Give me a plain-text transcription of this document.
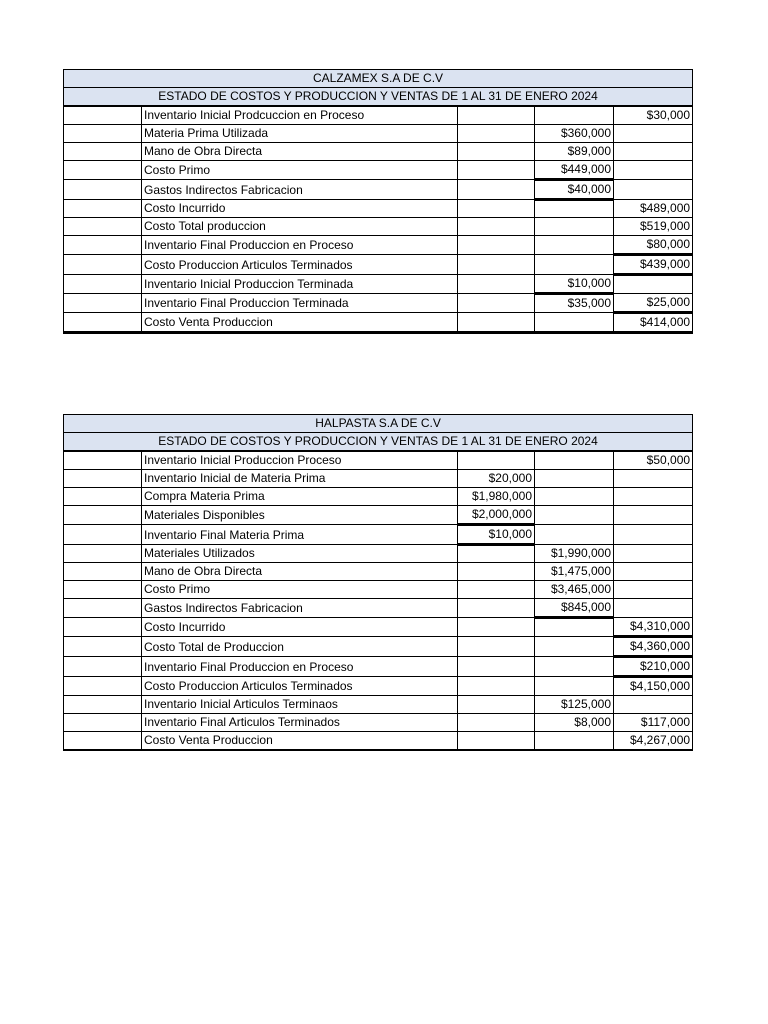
CALZAMEX S.A DE C.V				
ESTADO DE COSTOS Y PRODUCCION Y VENTAS DE 1 AL 31 DE ENERO 2024				

	Inventario Inicial Prodcuccion en Proceso			$30,000
	Materia Prima Utilizada		$360,000	
	Mano de Obra Directa		$89,000	
	Costo Primo		$449,000	
	Gastos Indirectos Fabricacion		$40,000	
	Costo Incurrido			$489,000
	Costo Total produccion			$519,000
	Inventario Final Produccion en Proceso			$80,000
	Costo Produccion Articulos Terminados			$439,000
	Inventario Inicial Produccion Terminada		$10,000	
	Inventario Final Produccion Terminada		$35,000	$25,000
	Costo Venta Produccion			$414,000

HALPASTA S.A DE C.V				
ESTADO DE COSTOS Y PRODUCCION Y VENTAS DE 1 AL 31 DE ENERO 2024				

	Inventario Inicial Produccion Proceso			$50,000
	Inventario Inicial de Materia Prima	$20,000		
	Compra Materia Prima	$1,980,000		
	Materiales Disponibles	$2,000,000		
	Inventario Final Materia Prima	$10,000		
	Materiales Utilizados		$1,990,000	
	Mano de Obra Directa		$1,475,000	
	Costo Primo		$3,465,000	
	Gastos Indirectos Fabricacion		$845,000	
	Costo Incurrido			$4,310,000
	Costo Total de Produccion			$4,360,000
	Inventario Final Produccion en Proceso			$210,000
	Costo Produccion Articulos Terminados			$4,150,000
	Inventario Inicial Articulos Terminaos		$125,000	
	Inventario Final Articulos Terminados		$8,000	$117,000
	Costo Venta Produccion			$4,267,000
